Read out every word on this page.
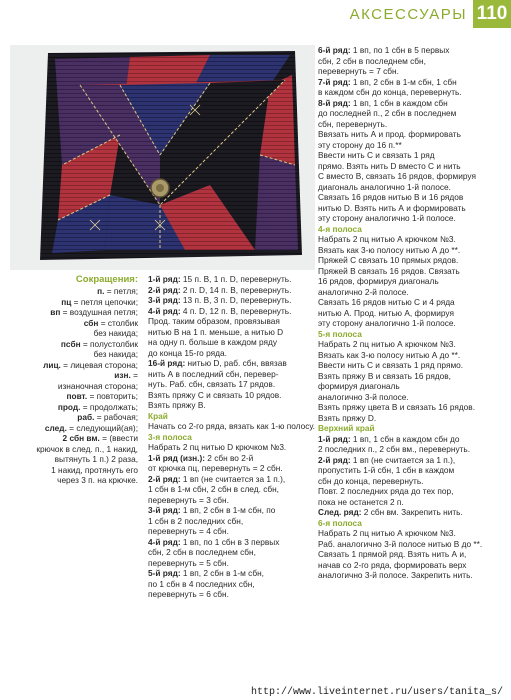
АКСЕССУАРЫ 110
Сокращения:
п. = петля;
пц = петля цепочки;
вп = воздушная петля;
сбн = столбик
без накида;
псбн = полустолбик
без накида;
лиц. = лицевая сторона;
изн. =
изнаночная сторона;
повт. = повторить;
прод. = продолжать;
раб. = рабочая;
след. = следующий(ая);
2 сбн вм. = (ввести
крючок в след. п., 1 накид,
вытянуть 1 п.) 2 раза,
1 накид, протянуть его
через 3 п. на крючке.
1-й ряд: 15 п. В, 1 п. D, перевернуть.
2-й ряд: 2 п. D, 14 п. В, перевернуть.
3-й ряд: 13 п. В, 3 п. D, перевернуть.
4-й ряд: 4 п. D, 12 п. В, перевернуть.
Прод. таким образом, провязывая
нитью В на 1 п. меньше, а нитью D
на одну п. больше в каждом ряду
до конца 15-го ряда.
16-й ряд: нитью D, раб. сбн, ввязав
нить А в последний сбн, перевер-
нуть. Раб. сбн, связать 17 рядов.
Взять пряжу С и связать 10 рядов.
Взять пряжу В.
Край
Начать со 2-го ряда, вязать как 1-ю полосу.
3-я полоса
Набрать 2 пц нитью D крючком №3.
1-й ряд (изн.): 2 сбн во 2-й
от крючка пц, перевернуть = 2 сбн.
2-й ряд: 1 вп (не считается за 1 п.),
1 сбн в 1-м сбн, 2 сбн в след. сбн,
перевернуть = 3 сбн.
3-й ряд: 1 вп, 2 сбн в 1-м сбн, по
1 сбн в 2 последних сбн,
перевернуть = 4 сбн.
4-й ряд: 1 вп, по 1 сбн в 3 первых
сбн, 2 сбн в последнем сбн,
перевернуть = 5 сбн.
5-й ряд: 1 вп, 2 сбн в 1-м сбн,
по 1 сбн в 4 последних сбн,
перевернуть = 6 сбн.
6-й ряд: 1 вп, по 1 сбн в 5 первых
сбн, 2 сбн в последнем сбн,
перевернуть = 7 сбн.
7-й ряд: 1 вп, 2 сбн в 1-м сбн, 1 сбн
в каждом сбн до конца, перевернуть.
8-й ряд: 1 вп, 1 сбн в каждом сбн
до последней п., 2 сбн в последнем
сбн, перевернуть.
Ввязать нить А и прод. формировать
эту сторону до 16 п.**
Ввести нить С и связать 1 ряд
прямо. Взять нить D вместо С и нить
С вместо В, связать 16 рядов, формируя
диагональ аналогично 1-й полосе.
Связать 16 рядов нитью В и 16 рядов
нитью D. Взять нить А и формировать
эту сторону аналогично 1-й полосе.
4-я полоса
Набрать 2 пц нитью А крючком №3.
Вязать как 3-ю полосу нитью А до **.
Пряжей С связать 10 прямых рядов.
Пряжей В связать 16 рядов. Связать
16 рядов, формируя диагональ
аналогично 2-й полосе.
Связать 16 рядов нитью С и 4 ряда
нитью А. Прод. нитью А, формируя
эту сторону аналогично 1-й полосе.
5-я полоса
Набрать 2 пц нитью А крючком №3.
Вязать как 3-ю полосу нитью А до **.
Ввести нить С и связать 1 ряд прямо.
Взять пряжу В и связать 16 рядов,
формируя диагональ
аналогично 3-й полосе.
Взять пряжу цвета В и связать 16 рядов.
Взять пряжу D.
Верхний край
1-й ряд: 1 вп, 1 сбн в каждом сбн до
2 последних п., 2 сбн вм., перевернуть.
2-й ряд: 1 вп (не считается за 1 п.),
пропустить 1-й сбн, 1 сбн в каждом
сбн до конца, перевернуть.
Повт. 2 последних ряда до тех пор,
пока не останется 2 п.
След. ряд: 2 сбн вм. Закрепить нить.
6-я полоса
Набрать 2 пц нитью А крючком №3.
Раб. аналогично 3-й полосе нитью В до **.
Связать 1 прямой ряд. Взять нить А и,
начав со 2-го ряда, формировать верх
аналогично 3-й полосе. Закрепить нить.
http://www.liveinternet.ru/users/tanita_s/
